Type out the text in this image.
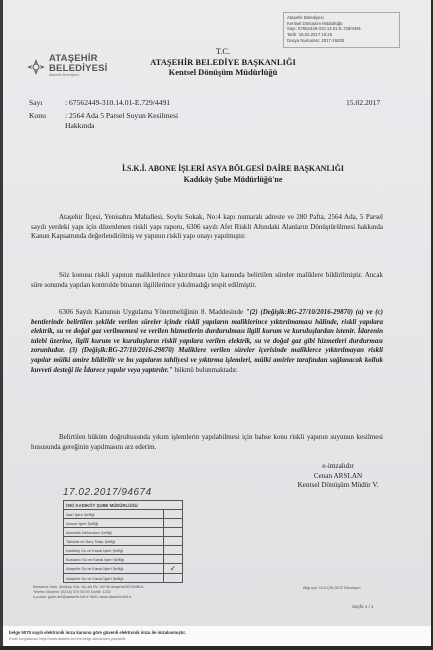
ATAŞEHİR
BELEDİYESİ
Atasehir Belediyesi
Ataşehir Belediyesi
Kentsel Dönüşüm Müdürlüğü
Sayı: 67562449-310.14.01-E.729/4491
Tarih: 15.02.2017 10:23
Dosya Numarası: 2017-16833
T.C.
ATAŞEHİR BELEDİYE BAŞKANLIĞI
Kentsel Dönüşüm Müdürlüğü
Sayı	: 67562449-310.14.01-E.729/4491	15.02.2017
Konu	: 2564 Ada 5 Parsel Suyun Kesilmesi
Hakkında
İ.S.K.İ. ABONE İŞLERİ ASYA BÖLGESİ DAİRE BAŞKANLIĞI
Kadıköy Şube Müdürlüğü'ne
Ataşehir İlçesi, Yenisahra Mahallesi, Soylu Sokak, No:4 kapı numaralı adreste ve 280 Pafta, 2564 Ada, 5 Parsel sayılı yerdeki yapı için düzenlenen riskli yapı raporu, 6306 sayılı Afet Riskli Altındaki Alanların Dönüştürülmesi hakkında Kanun Kapsamında değerlendirilmiş ve yapının riskli yapı onayı yapılmıştır.
Söz konusu riskli yapının maliklerince yıktırılması için kanunda belirtilen süreler maliklere bildirilmiştir. Ancak süre sonunda yapılan kontrolde binanın ilgililerince yıkılmadığı tespit edilmiştir.
6306 Sayılı Kanunun Uygulama Yönetmeliğinin 8. Maddesinde "(2) (Değişik:RG-27/10/2016-29870) (a) ve (c) bentlerinde belirtilen şekilde verilen süreler içinde riskli yapıların maliklerince yıktırılmaması hâlinde, riskli yapılara elektrik, su ve doğal gaz verilmemesi ve verilen hizmetlerin durdurulması ilgili kurum ve kuruluşlardan istenir. İdarenin talebi üzerine, ilgili kurum ve kuruluşların riskli yapılara verilen elektrik, su ve doğal gaz gibi hizmetleri durdurması zorunludur. (3) (Değişik:RG-27/10/2016-29870) Maliklere verilen süreler içerisinde maliklerce yıktırılmayan riskli yapılar mülki amire bildirilir ve bu yapıların tahliyesi ve yıktırma işlemleri, mülki amirler tarafından sağlanacak kolluk kuvveti desteği ile İdarece yapılır veya yaptırılır." hükmü bulunmaktadır.
Belirtilen hüküm doğrultusunda yıkım işlemlerin yapılabilmesi için bahse konu riskli yapının suyunun kesilmesi hususunda gereğinin yapılmasını arz ederim.
e-imzalıdır
Cenan ARSLAN
Kentsel Dönüşüm Müdür V.
17.02.2017/94674
İSKİ KADIKÖY ŞUBE MÜDÜRLÜĞÜ	
İdari İşleri Şefliği	
Abone İşleri Şefliği	
Abonelik İstihmaları Şefliği	
Tahsilat ve Borç Takip Şefliği	
Kadıköy Su ve Kanal İşleri Şefliği	
Bostancı Su ve Kanal İşleri Şefliği	
Ataşehir Su ve Kanal İşleri Şefliği	✓
Ataşehir Su ve Kanal İşleri Şefliği	
Barbaros Mah. Şebboy Sok. No:4A Pk: 34746 Ataşehir/İSTANBUL
Telefon Madeni: (0216) 570 50 00 Dahili: 1252
e-posta: guler.dol@atasehir.bel.tr Web: www.atasehir.bel.tr
Bilgi için: GÜLÇİN DEĞ Teknisyen
Sayfa 1 / 1
belge 5070 sayılı elektronik imza kanuna göre güvenli elektronik imza ile imzalanmıştır.
Evrak sorgulaması https://www.atasehir.bel.tr/e-belge adresinden yapılabilir.
